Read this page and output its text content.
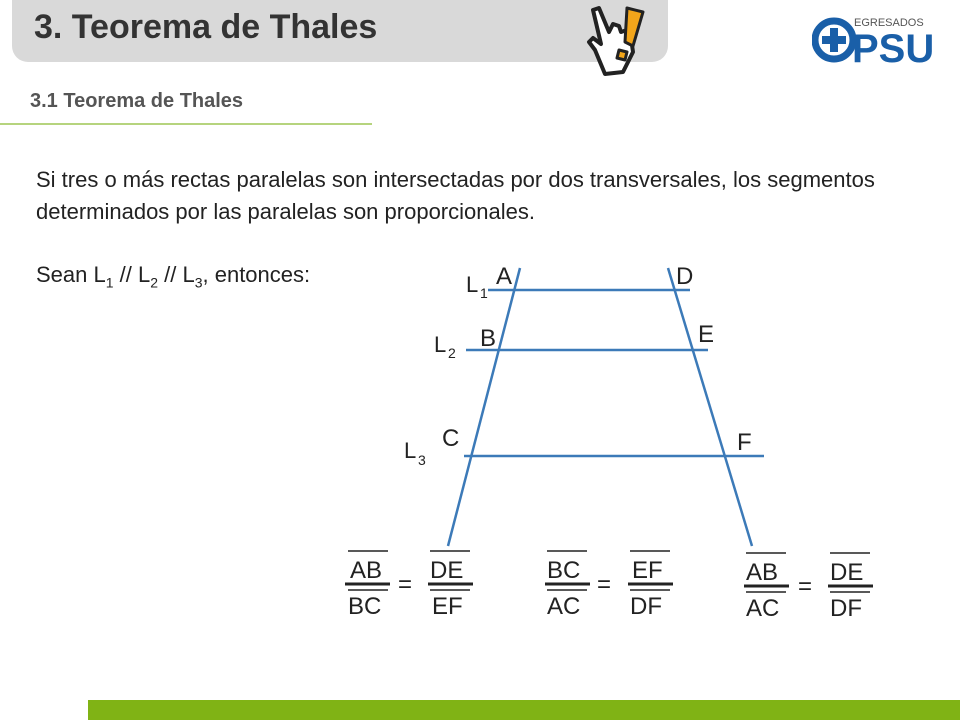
3. Teorema de Thales	EGRESADOS
PSU
3.1 Teorema de Thales
Si tres o más rectas paralelas son intersectadas por dos transversales, los segmentos determinados por las paralelas son proporcionales.
Sean $L_1 // L_2 // L_3$, entonces:	L 1
L 2
L 3
A
B
C
D
E
F
AB
BC
=
DE
EF
BC
AC
=
EF
DF
AB
AC
=
DE
DF
